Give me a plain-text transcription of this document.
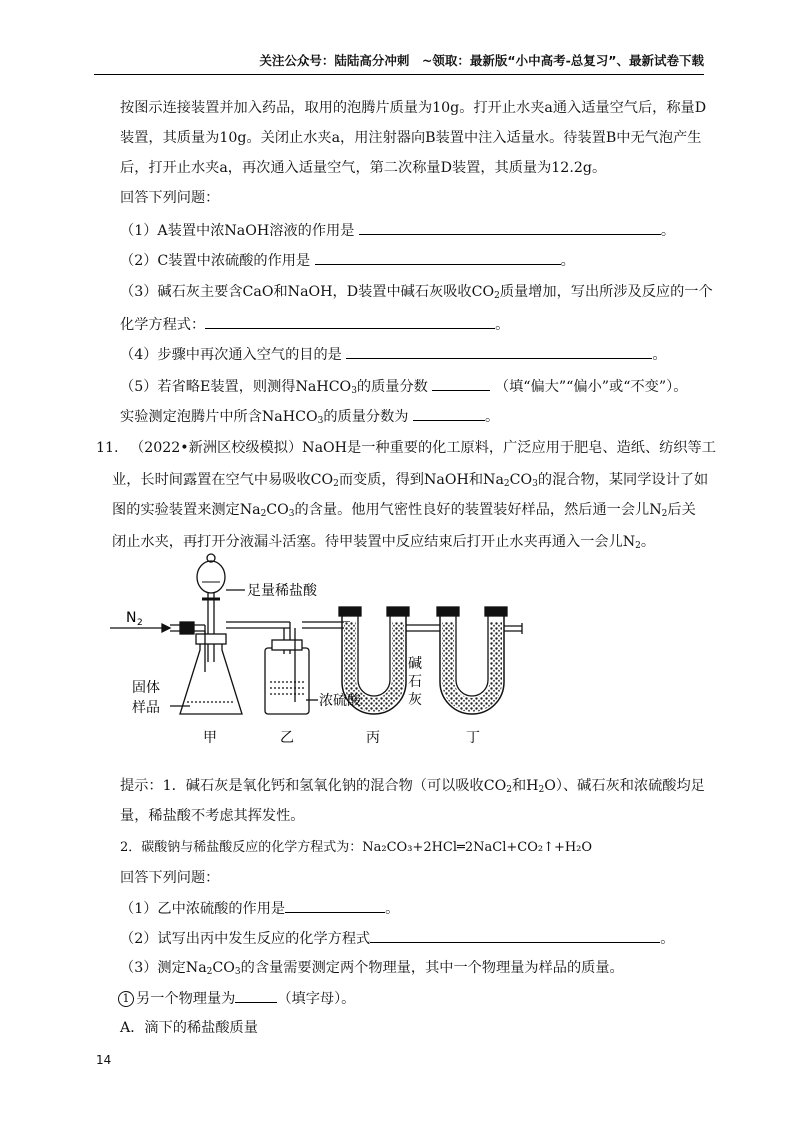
关注公众号：陆陆高分冲刺　~领取：最新版“小中高考-总复习”、最新试卷下载
按图示连接装置并加入药品，取用的泡腾片质量为10g。打开止水夹a通入适量空气后，称量D
装置，其质量为10g。关闭止水夹a，用注射器向B装置中注入适量水。待装置B中无气泡产生
后，打开止水夹a，再次通入适量空气，第二次称量D装置，其质量为12.2g。
回答下列问题：
（1）A装置中浓NaOH溶液的作用是	。
（2）C装置中浓硫酸的作用是	。
（3）碱石灰主要含CaO和NaOH，D装置中碱石灰吸收$CO_2$质量增加，写出所涉及反应的一个
化学方程式：	。
（4）步骤中再次通入空气的目的是	。
（5）若省略E装置，则测得NaHCO$_3$的质量分数	（填“偏大”“偏小”或“不变”）。
实验测定泡腾片中所含NaHCO$_3$的质量分数为	。
11. （2022•新洲区校级模拟）NaOH是一种重要的化工原料，广泛应用于肥皂、造纸、纺织等工
业，长时间露置在空气中易吸收$CO_2$而变质，得到NaOH和$Na_2CO_3$的混合物，某同学设计了如
图的实验装置来测定$Na_2CO_3$的含量。他用气密性良好的装置装好样品，然后通一会儿$N_2$后关
闭止水夹，再打开分液漏斗活塞。待甲装置中反应结束后打开止水夹再通入一会儿$N_2$。
N 2
足量稀盐酸
固体
样品	浓硫酸
碱
石
灰
甲	乙	丙	丁
提示：1．碱石灰是氧化钙和氢氧化钠的混合物（可以吸收$CO_2$和$H_2O$）、碱石灰和浓硫酸均足
量，稀盐酸不考虑其挥发性。
2．碳酸钠与稀盐酸反应的化学方程式为：Na₂CO₃+2HCl═2NaCl+CO₂↑+H₂O
回答下列问题：
（1）乙中浓硫酸的作用是	。
（2）试写出丙中发生反应的化学方程式	。
（3）测定$Na_2CO_3$的含量需要测定两个物理量，其中一个物理量为样品的质量。
1 另一个物理量为	（填字母）。
A．滴下的稀盐酸质量
14
